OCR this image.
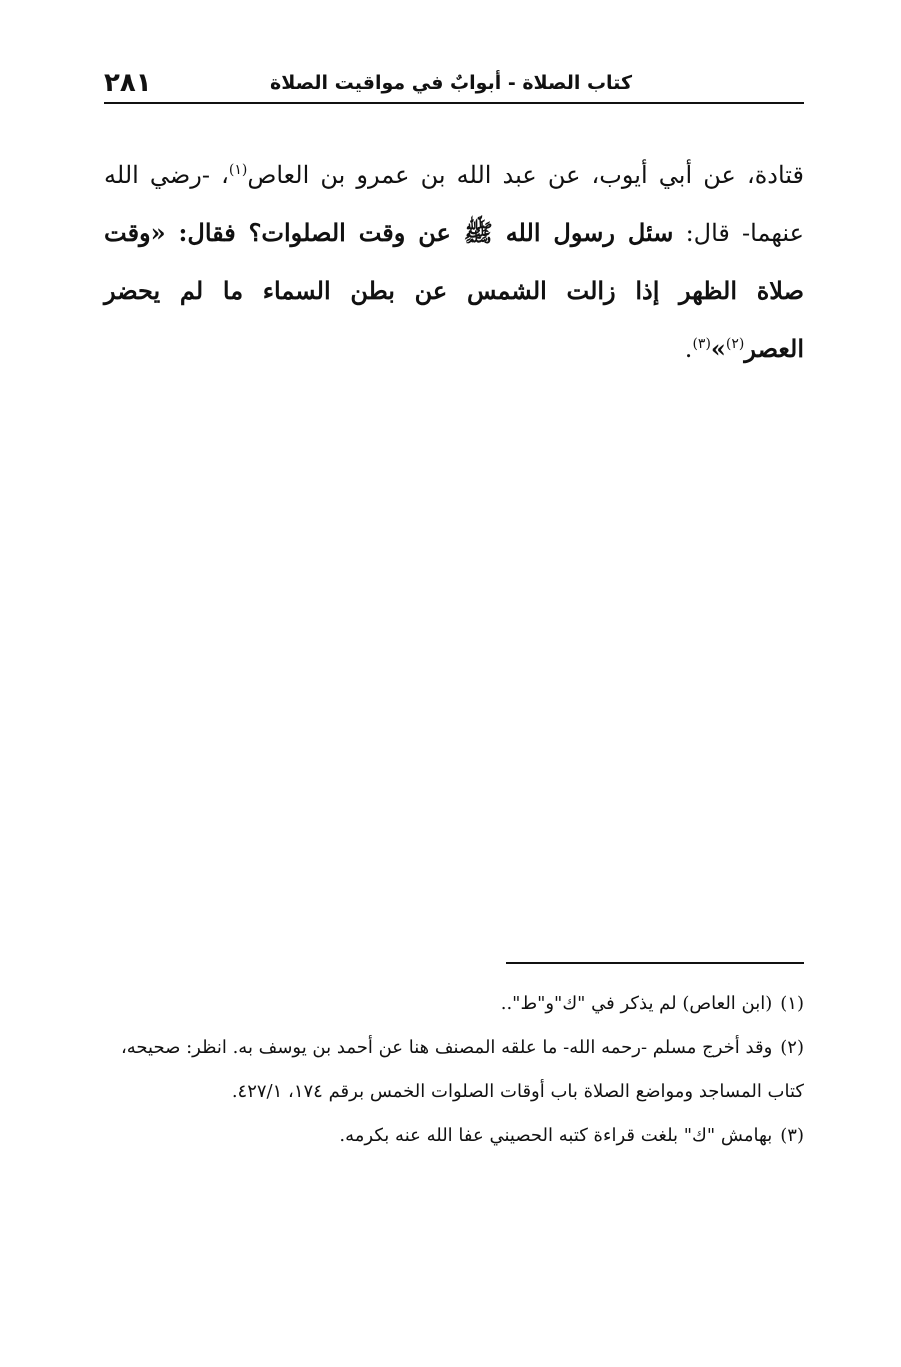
٢٨١	كتاب الصلاة - أبوابٌ في مواقيت الصلاة

قتادة، عن أبي أيوب، عن عبد الله بن عمرو بن العاص$^{(١)}$، -رضي الله عنهما- قال: سئل رسول الله ﷺ عن وقت الصلوات؟ فقال: «وقت صلاة الظهر إذا زالت الشمس عن بطن السماء ما لم يحضر العصر$^{(٢)}$»$^{(٣)}$.

(١)(ابن العاص) لم يذكر في "ك"و"ط"..

(٢)وقد أخرج مسلم -رحمه الله- ما علقه المصنف هنا عن أحمد بن يوسف به. انظر: صحيحه، كتاب المساجد ومواضع الصلاة باب أوقات الصلوات الخمس برقم ١٧٤، ٤٢٧/١.

(٣)بهامش "ك" بلغت قراءة كتبه الحصيني عفا الله عنه بكرمه.
